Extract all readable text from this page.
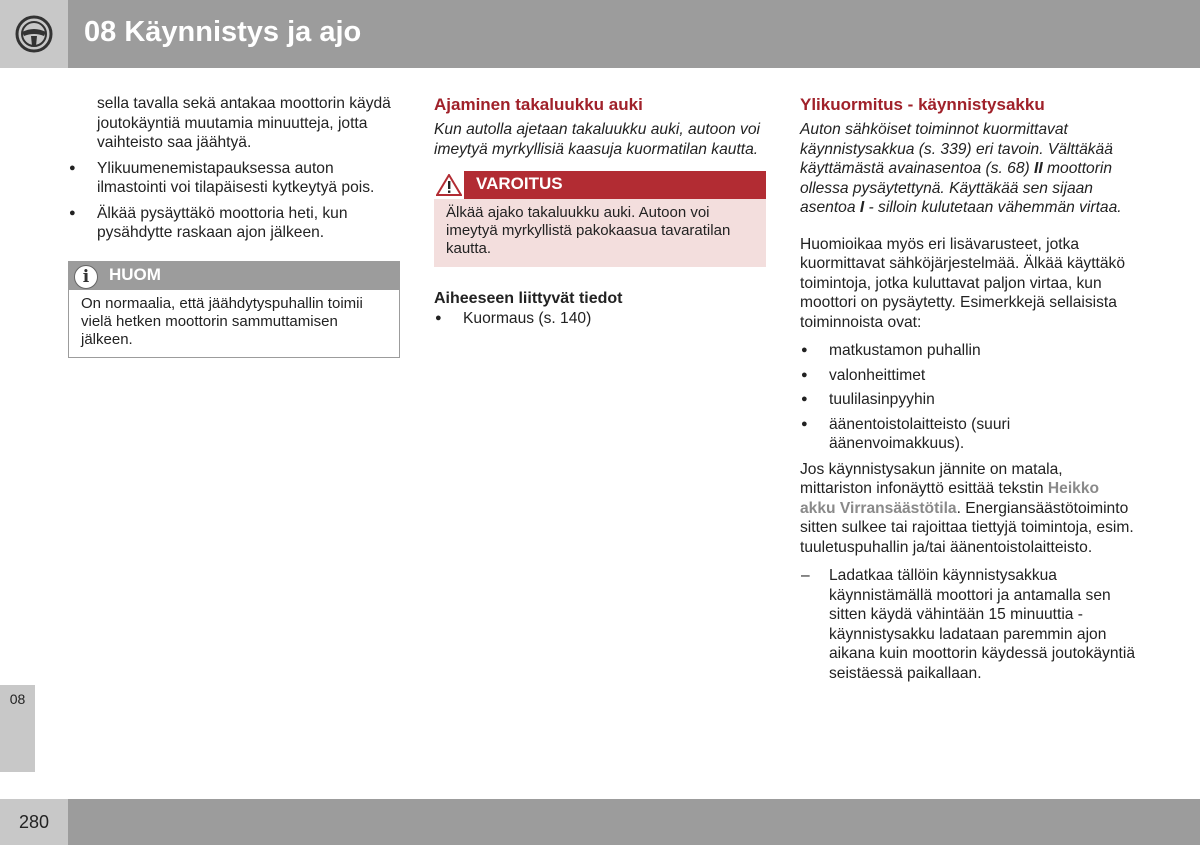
08 Käynnistys ja ajo
08
280

sella tavalla sekä antakaa moottorin käydä joutokäyntiä muutamia minuutteja, jotta vaihteisto saa jäähtyä.

● Ylikuumenemistapauksessa auton ilmastointi voi tilapäisesti kytkeytyä pois.
● Älkää pysäyttäkö moottoria heti, kun pysähdytte raskaan ajon jälkeen.
i	HUOM
On normaalia, että jäähdytyspuhallin toimii vielä hetken moottorin sammuttamisen jälkeen.
Ajaminen takaluukku auki

Kun autolla ajetaan takaluukku auki, autoon voi imeytyä myrkyllisiä kaasuja kuormatilan kautta.

VAROITUS
Älkää ajako takaluukku auki. Autoon voi imeytyä myrkyllistä pakokaasua tavaratilan kautta.
Aiheeseen liittyvät tiedot
● Kuormaus (s. 140)
Ylikuormitus - käynnistysakku

Auton sähköiset toiminnot kuormittavat käynnistysakkua (s. 339) eri tavoin. Välttäkää käyttämästä avainasentoa (s. 68) II moottorin ollessa pysäytettynä. Käyttäkää sen sijaan asentoa I - silloin kulutetaan vähemmän virtaa.

Huomioikaa myös eri lisävarusteet, jotka kuormittavat sähköjärjestelmää. Älkää käyttäkö toimintoja, jotka kuluttavat paljon virtaa, kun moottori on pysäytetty. Esimerkkejä sellaisista toiminnoista ovat:

● matkustamon puhallin
● valonheittimet
● tuulilasinpyyhin
● äänentoistolaitteisto (suuri äänenvoimakkuus).

Jos käynnistysakun jännite on matala, mittariston infonäyttö esittää tekstin Heikko akku Virransäästötila. Energiansäästötoiminto sitten sulkee tai rajoittaa tiettyjä toimintoja, esim. tuuletuspuhallin ja/tai äänentoistolaitteisto.

– Ladatkaa tällöin käynnistysakkua käynnistämällä moottori ja antamalla sen sitten käydä vähintään 15 minuuttia - käynnistysakku ladataan paremmin ajon aikana kuin moottorin käydessä joutokäyntiä seistäessä paikallaan.
